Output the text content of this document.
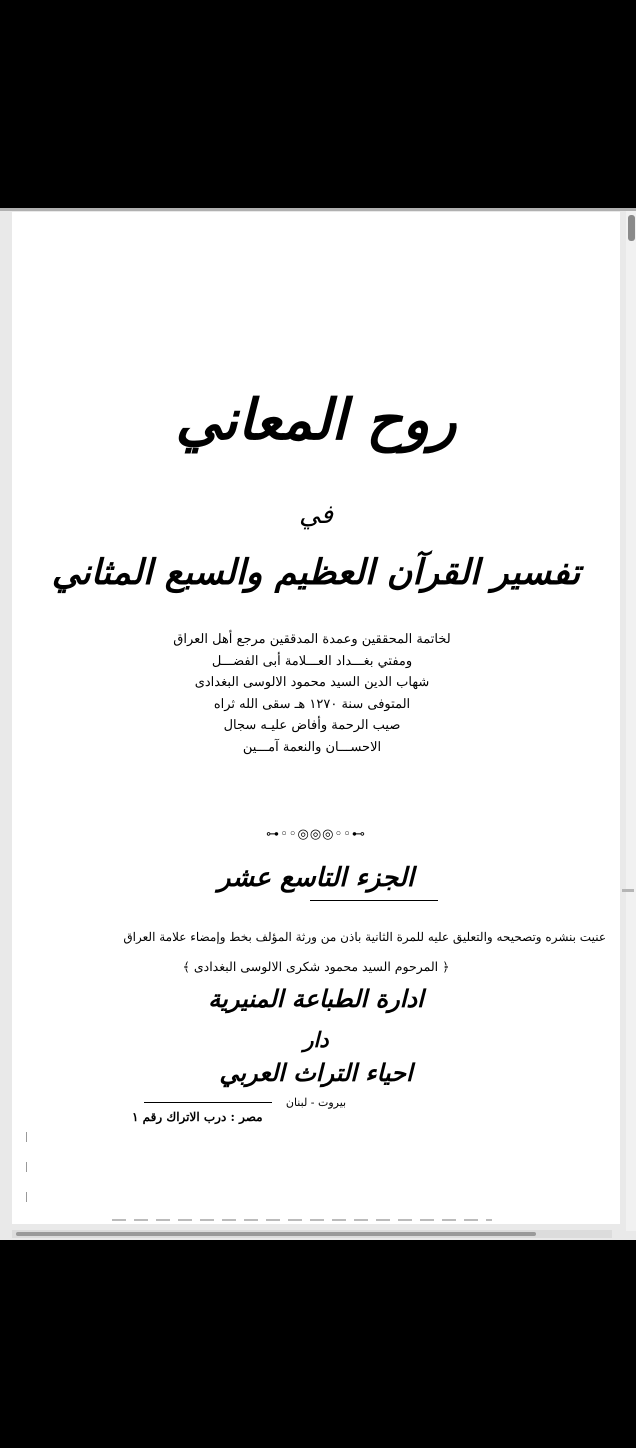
روح المعاني
في
تفسير القرآن العظيم والسبع المثاني
لخاتمة المحققين وعمدة المدققين مرجع أهل العراق
ومفتي بغـــداد العـــلامة أبى الفضـــل
شهاب الدين السيد محمود الالوسى البغدادى
المتوفى سنة ١٢٧٠ هـ سقى الله ثراه
صيب الرحمة وأفاض عليـه سجال
الاحســـان والنعمة آمـــين
⊶◦◦◎◎◎◦◦⊷
الجزء التاسع عشر
عنيت بنشره وتصحيحه والتعليق عليه للمرة الثانية باذن من ورثة المؤلف بخط وإمضاء علامة العراق
﴿ المرحوم السيد محمود شكرى الالوسى البغدادى ﴾
ادارة الطباعة المنيرية
دار
احياء التراث العربي
بيروت - لبنان
مصر : درب الاتراك رقم ١
